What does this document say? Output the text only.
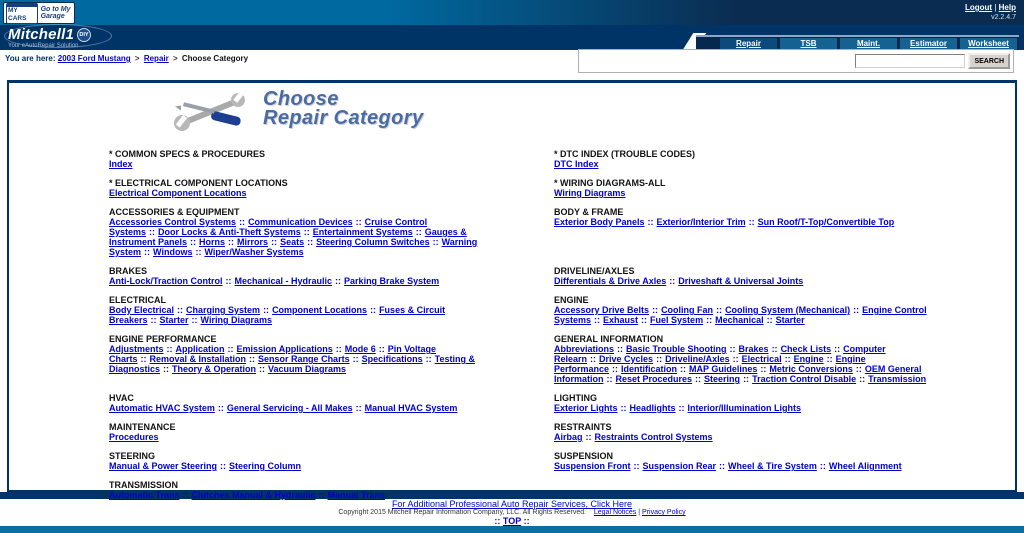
MY CARS
Go to My Garage
Logout | Help
v2.2.4.7
Mitchell1 DIY
Your eAutoRepair Solution	Repair	TSB	Maint.	Estimator	Worksheet
You are here: 2003 Ford Mustang > Repair > Choose Category	SEARCH
Choose
Repair Category
* COMMON SPECS & PROCEDURES
Index
* DTC INDEX (TROUBLE CODES)
DTC Index
* ELECTRICAL COMPONENT LOCATIONS
Electrical Component Locations
* WIRING DIAGRAMS-ALL
Wiring Diagrams
ACCESSORIES & EQUIPMENT
Accessories Control Systems :: Communication Devices :: Cruise Control Systems :: Door Locks & Anti-Theft Systems :: Entertainment Systems :: Gauges & Instrument Panels :: Horns :: Mirrors :: Seats :: Steering Column Switches :: Warning System :: Windows :: Wiper/Washer Systems
BODY & FRAME
Exterior Body Panels :: Exterior/Interior Trim :: Sun Roof/T-Top/Convertible Top
BRAKES
Anti-Lock/Traction Control :: Mechanical - Hydraulic :: Parking Brake System
DRIVELINE/AXLES
Differentials & Drive Axles :: Driveshaft & Universal Joints
ELECTRICAL
Body Electrical :: Charging System :: Component Locations :: Fuses & Circuit Breakers :: Starter :: Wiring Diagrams
ENGINE
Accessory Drive Belts :: Cooling Fan :: Cooling System (Mechanical) :: Engine Control Systems :: Exhaust :: Fuel System :: Mechanical :: Starter
ENGINE PERFORMANCE
Adjustments :: Application :: Emission Applications :: Mode 6 :: Pin Voltage Charts :: Removal & Installation :: Sensor Range Charts :: Specifications :: Testing & Diagnostics :: Theory & Operation :: Vacuum Diagrams
GENERAL INFORMATION
Abbreviations :: Basic Trouble Shooting :: Brakes :: Check Lists :: Computer Relearn :: Drive Cycles :: Driveline/Axles :: Electrical :: Engine :: Engine Performance :: Identification :: MAP Guidelines :: Metric Conversions :: OEM General Information :: Reset Procedures :: Steering :: Traction Control Disable :: Transmission
HVAC
Automatic HVAC System :: General Servicing - All Makes :: Manual HVAC System
LIGHTING
Exterior Lights :: Headlights :: Interior/Illumination Lights
MAINTENANCE
Procedures
RESTRAINTS
Airbag :: Restraints Control Systems
STEERING
Manual & Power Steering :: Steering Column
SUSPENSION
Suspension Front :: Suspension Rear :: Wheel & Tire System :: Wheel Alignment
TRANSMISSION
Automatic Trans :: Clutches Manual & Hydraulic :: Manual Trans
For Additional Professional Auto Repair Services, Click Here
Copyright 2015 Mitchell Repair Information Company, LLC. All Rights Reserved. Legal Notices | Privacy Policy
:: TOP ::
